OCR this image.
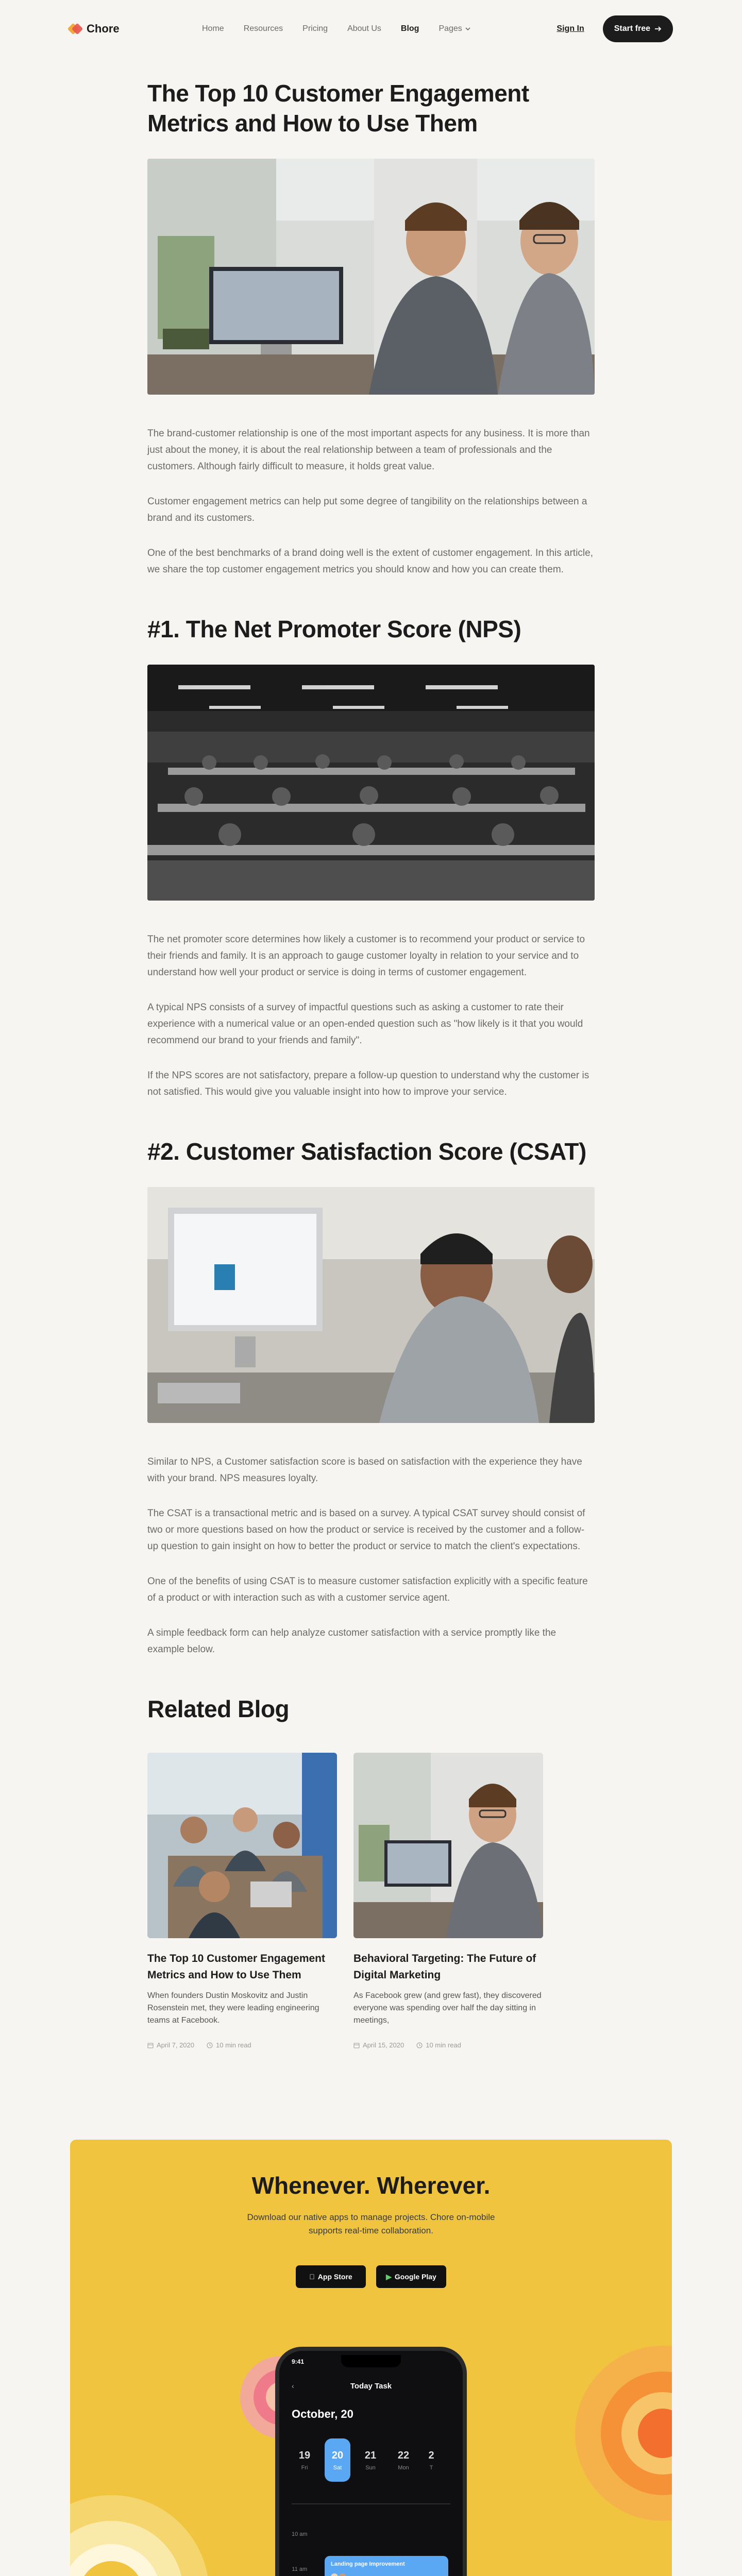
Chore	Home Resources Pricing About Us Blog Pages	Sign In	Start free
The Top 10 Customer Engagement Metrics and How to Use Them

The brand-customer relationship is one of the most important aspects for any business. It is more than just about the money, it is about the real relationship between a team of professionals and the customers. Although fairly difficult to measure, it holds great value.

Customer engagement metrics can help put some degree of tangibility on the relationships between a brand and its customers.

One of the best benchmarks of a brand doing well is the extent of customer engagement. In this article, we share the top customer engagement metrics you should know and how you can create them.

#1. The Net Promoter Score (NPS)

The net promoter score determines how likely a customer is to recommend your product or service to their friends and family. It is an approach to gauge customer loyalty in relation to your service and to understand how well your product or service is doing in terms of customer engagement.

A typical NPS consists of a survey of impactful questions such as asking a customer to rate their experience with a numerical value or an open-ended question such as "how likely is it that you would recommend our brand to your friends and family".

If the NPS scores are not satisfactory, prepare a follow-up question to understand why the customer is not satisfied. This would give you valuable insight into how to improve your service.

#2. Customer Satisfaction Score (CSAT)

Similar to NPS, a Customer satisfaction score is based on satisfaction with the experience they have with your brand. NPS measures loyalty.

The CSAT is a transactional metric and is based on a survey. A typical CSAT survey should consist of two or more questions based on how the product or service is received by the customer and a follow-up question to gain insight on how to better the product or service to match the client's expectations.

One of the benefits of using CSAT is to measure customer satisfaction explicitly with a specific feature of a product or with interaction such as with a customer service agent.

A simple feedback form can help analyze customer satisfaction with a service promptly like the example below.

Related Blog
The Top 10 Customer Engagement Metrics and How to Use Them

When founders Dustin Moskovitz and Justin Rosenstein met, they were leading engineering teams at Facebook.

April 7, 2020	10 min read
Behavioral Targeting: The Future of Digital Marketing

As Facebook grew (and grew fast), they discovered everyone was spending over half the day sitting in meetings,

April 15, 2020	10 min read
Whenever. Wherever.

Download our native apps to manage projects. Chore on-mobile supports real-time collaboration.

App Store	▶ Google Play
9:41
Today Task
‹
October, 20
19
Fri
20
Sat
21
Sun
22
Mon
2
T
10 am
11 am
Landing page Improvement
